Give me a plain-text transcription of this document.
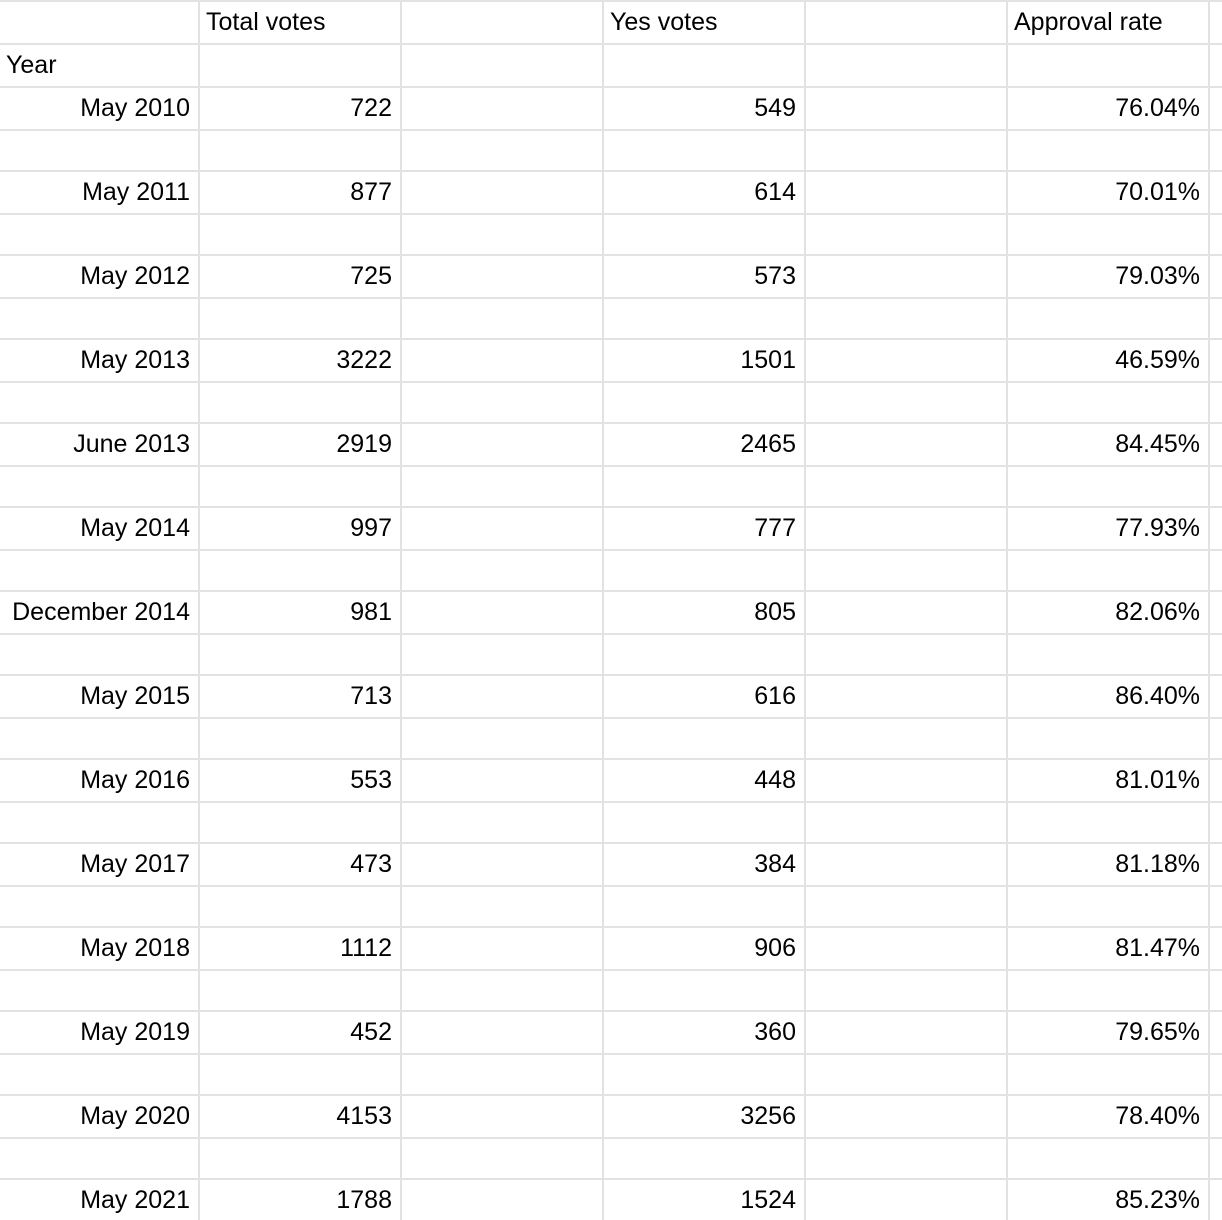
	Total votes		Yes votes		Approval rate	
Year						
May 2010	722		549		76.04%	

May 2011	877		614		70.01%	

May 2012	725		573		79.03%	

May 2013	3222		1501		46.59%	

June 2013	2919		2465		84.45%	

May 2014	997		777		77.93%	

December 2014	981		805		82.06%	

May 2015	713		616		86.40%	

May 2016	553		448		81.01%	

May 2017	473		384		81.18%	

May 2018	1112		906		81.47%	

May 2019	452		360		79.65%	

May 2020	4153		3256		78.40%	

May 2021	1788		1524		85.23%	
